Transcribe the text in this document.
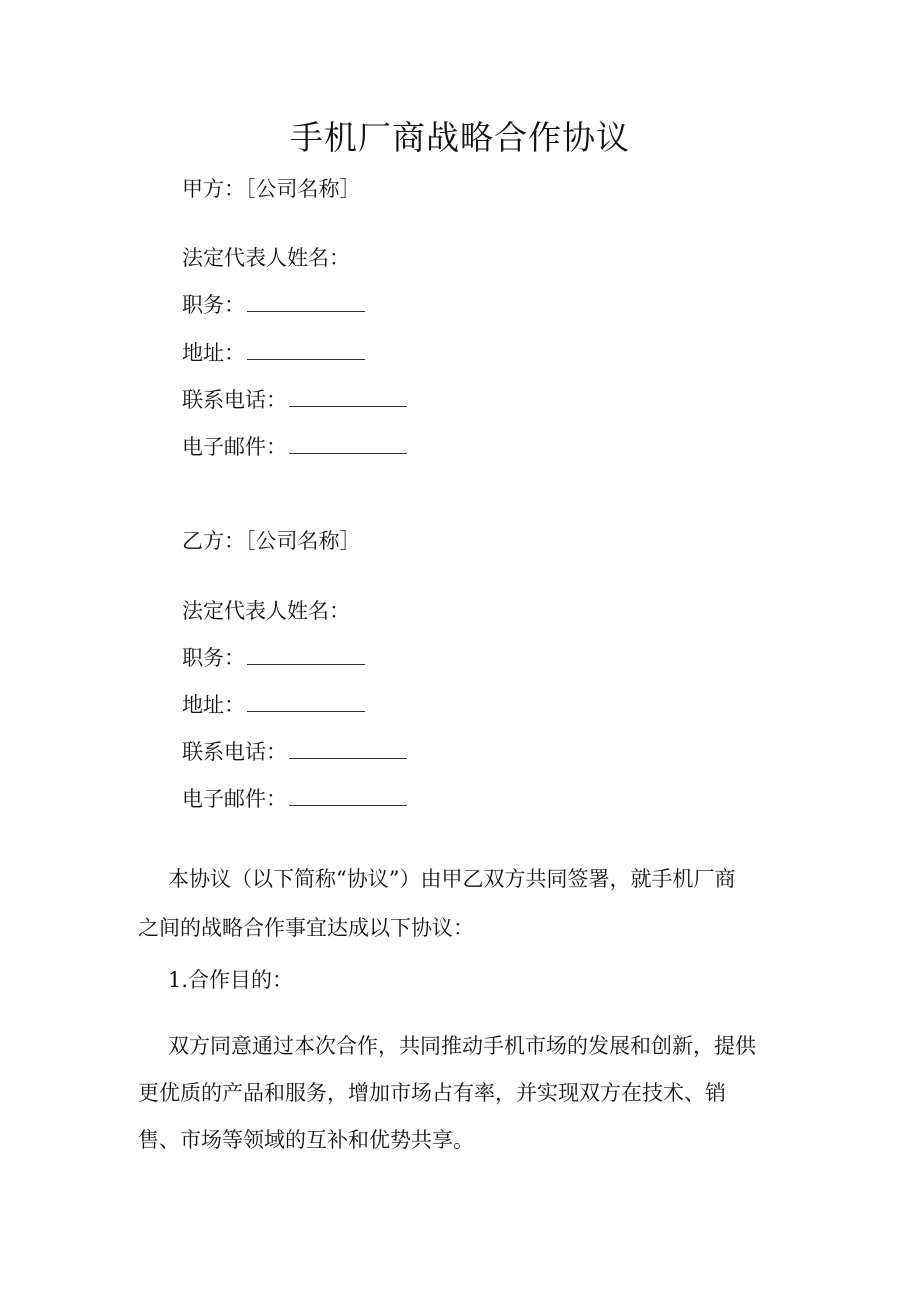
手机厂商战略合作协议
甲方：［公司名称］
法定代表人姓名：
职务：
地址：
联系电话：
电子邮件：
乙方：［公司名称］
法定代表人姓名：
职务：
地址：
联系电话：
电子邮件：
本协议（以下简称“协议”）由甲乙双方共同签署，就手机厂商
之间的战略合作事宜达成以下协议：
1.合作目的：
双方同意通过本次合作，共同推动手机市场的发展和创新，提供
更优质的产品和服务，增加市场占有率，并实现双方在技术、销
售、市场等领域的互补和优势共享。
